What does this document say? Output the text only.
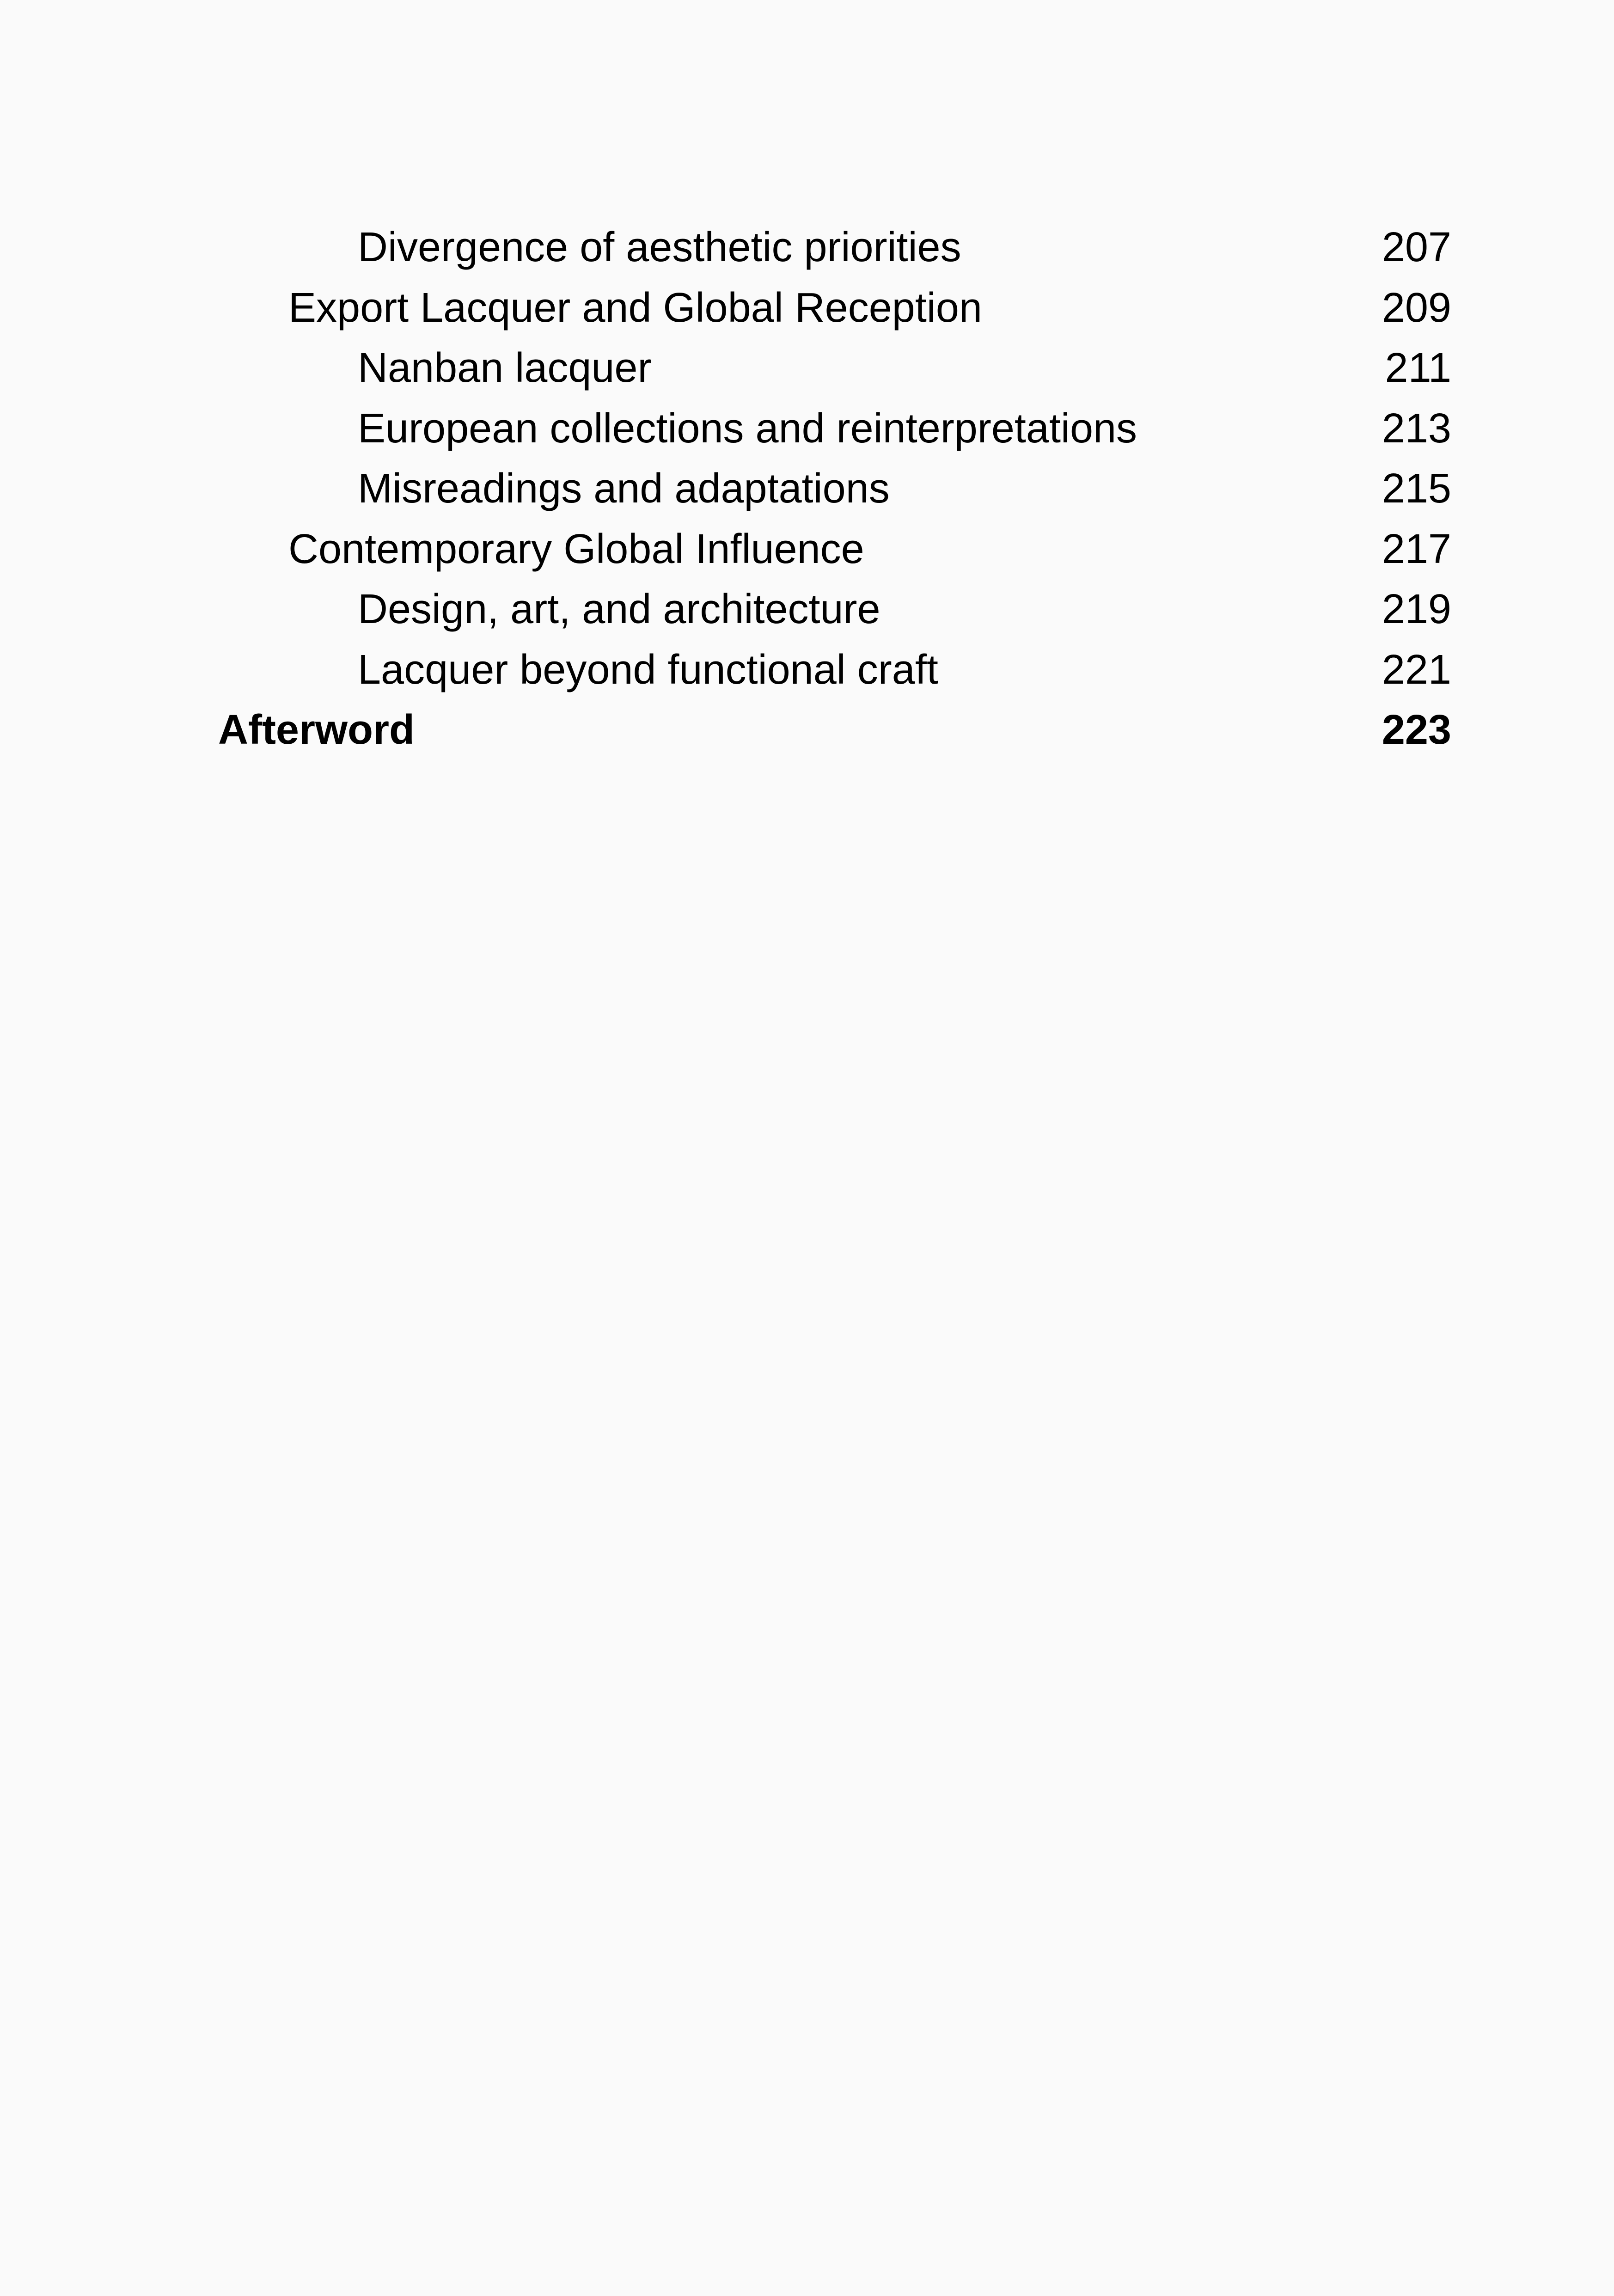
Divergence of aesthetic priorities	207
Export Lacquer and Global Reception	209
Nanban lacquer	211
European collections and reinterpretations	213
Misreadings and adaptations	215
Contemporary Global Influence	217
Design, art, and architecture	219
Lacquer beyond functional craft	221
Afterword	223
